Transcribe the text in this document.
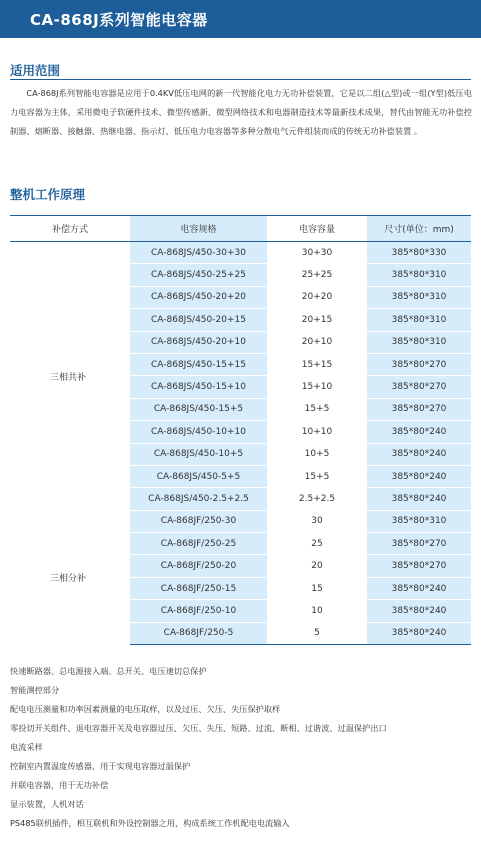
CA-868J系列智能电容器
适用范围
CA-868J系列智能电容器是应用于0.4KV低压电网的新一代智能化电力无功补偿装置，它是以二组(△型)或一组(Y型)低压电力电容器为主体，采用微电子软硬件技术、微型传感新、微型网络技术和电器制造技术等最新技术成果，替代由智能无功补偿控制器、熔断器、接触器、热继电器、指示灯、低压电力电容器等多种分散电气元件组装而成的传统无功补偿装置 。
整机工作原理
补偿方式	电容规格	电容容量	尺寸(单位：mm)
三相共补	CA-868JS/450-30+30	30+30	385*80*330
	CA-868JS/450-25+25	25+25	385*80*310
	CA-868JS/450-20+20	20+20	385*80*310
	CA-868JS/450-20+15	20+15	385*80*310
	CA-868JS/450-20+10	20+10	385*80*310
	CA-868JS/450-15+15	15+15	385*80*270
	CA-868JS/450-15+10	15+10	385*80*270
	CA-868JS/450-15+5	15+5	385*80*270
	CA-868JS/450-10+10	10+10	385*80*240
	CA-868JS/450-10+5	10+5	385*80*240
	CA-868JS/450-5+5	15+5	385*80*240
	CA-868JS/450-2.5+2.5	2.5+2.5	385*80*240
三相分补	CA-868JF/250-30	30	385*80*310
	CA-868JF/250-25	25	385*80*270
	CA-868JF/250-20	20	385*80*270
	CA-868JF/250-15	15	385*80*240
	CA-868JF/250-10	10	385*80*240
	CA-868JF/250-5	5	385*80*240
快速断路器、总电源接入端、总开关、电压速切总保护
智能测控部分
配电电压测量和功率因素测量的电压取样，以及过压、欠压、失压保护取样
零投切开关组件、退电容器开关及电容器过压、欠压、失压、短路、过流、断相、过谐波、过温保护出口
电流采样
控制室内置温度传感器，用于实现电容器过温保护
并联电容器，用于无功补偿
显示装置，人机对话
PS485联机插件，相互联机和外设控制器之用，构成系统工作机配电电流输入
